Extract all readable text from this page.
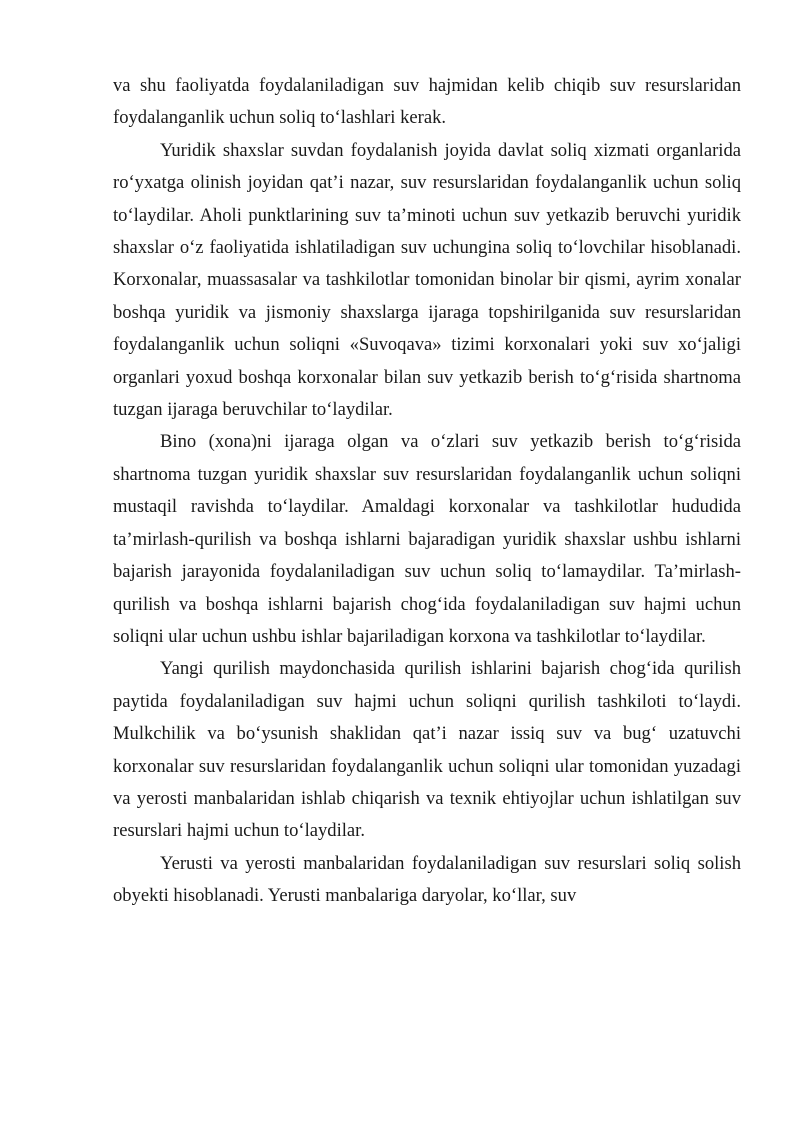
va shu faoliyatda foydalaniladigan suv hajmidan kelib chiqib suv resurslaridan foydalanganlik uchun soliq to‘lashlari kerak.

Yuridik shaxslar suvdan foydalanish joyida davlat soliq xizmati organlarida ro‘yxatga olinish joyidan qat’i nazar, suv resurslaridan foydalanganlik uchun soliq to‘laydilar. Aholi punktlarining suv ta’minoti uchun suv yetkazib beruvchi yuridik shaxslar o‘z faoliyatida ishlatiladigan suv uchungina soliq to‘lovchilar hisoblanadi. Korxonalar, muassasalar va tashkilotlar tomonidan binolar bir qismi, ayrim xonalar boshqa yuridik va jismoniy shaxslarga ijaraga topshirilganida suv resurslaridan foydalanganlik uchun soliqni «Suvoqava» tizimi korxonalari yoki suv xo‘jaligi organlari yoxud boshqa korxonalar bilan suv yetkazib berish to‘g‘risida shartnoma tuzgan ijaraga beruvchilar to‘laydilar.

Bino (xona)ni ijaraga olgan va o‘zlari suv yetkazib berish to‘g‘risida shartnoma tuzgan yuridik shaxslar suv resurslaridan foydalanganlik uchun soliqni mustaqil ravishda to‘laydilar. Amaldagi korxonalar va tashkilotlar hududida ta’mirlash-qurilish va boshqa ishlarni bajaradigan yuridik shaxslar ushbu ishlarni bajarish jarayonida foydalaniladigan suv uchun soliq to‘lamaydilar. Ta’mirlash-qurilish va boshqa ishlarni bajarish chog‘ida foydalaniladigan suv hajmi uchun soliqni ular uchun ushbu ishlar bajariladigan korxona va tashkilotlar to‘laydilar.

Yangi qurilish maydonchasida qurilish ishlarini bajarish chog‘ida qurilish paytida foydalaniladigan suv hajmi uchun soliqni qurilish tashkiloti to‘laydi. Mulkchilik va bo‘ysunish shaklidan qat’i nazar issiq suv va bug‘ uzatuvchi korxonalar suv resurslaridan foydalanganlik uchun soliqni ular tomonidan yuzadagi va yerosti manbalaridan ishlab chiqarish va texnik ehtiyojlar uchun ishlatilgan suv resurslari hajmi uchun to‘laydilar.

Yerusti va yerosti manbalaridan foydalaniladigan suv resurslari soliq solish obyekti hisoblanadi. Yerusti manbalariga daryolar, ko‘llar, suv
